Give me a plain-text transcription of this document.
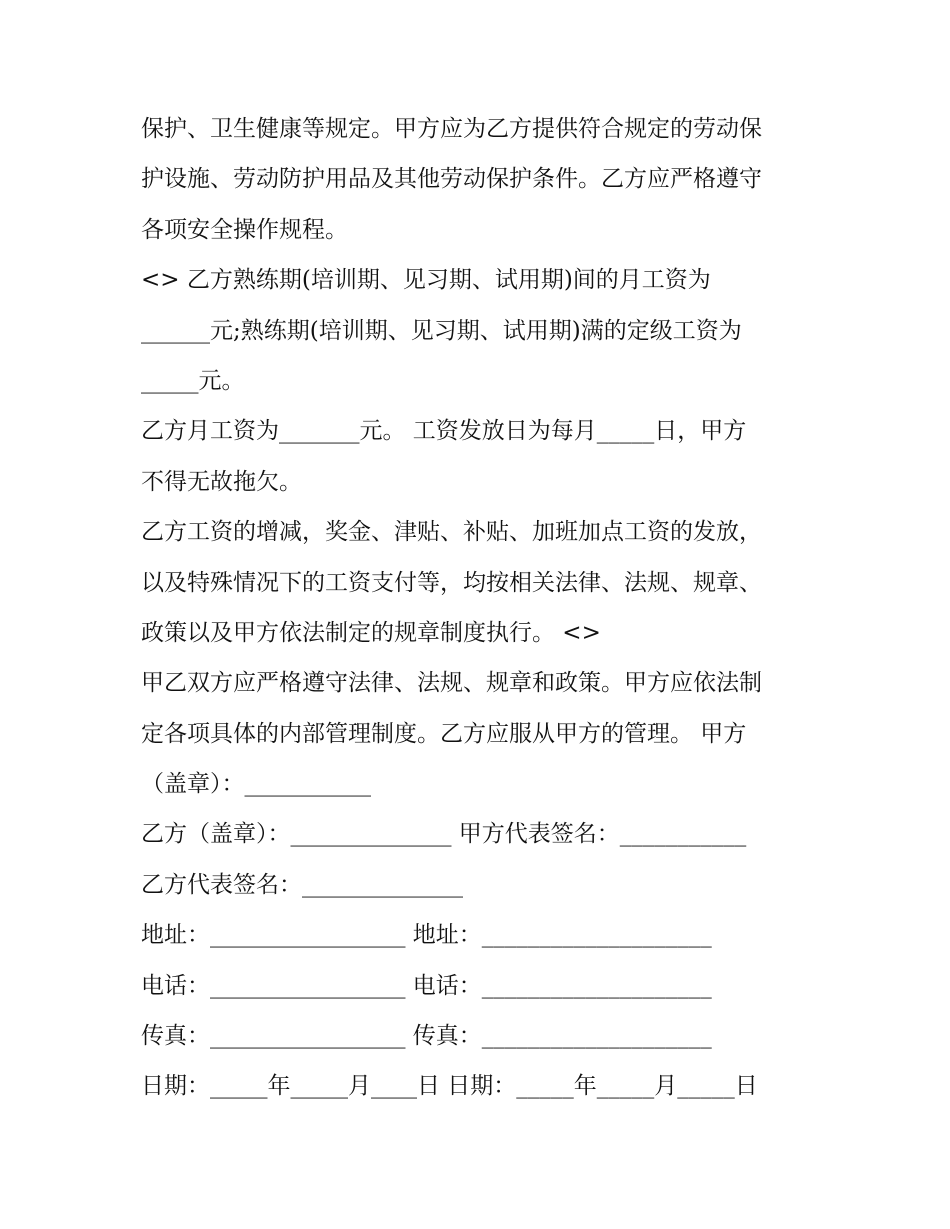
保护、卫生健康等规定。甲方应为乙方提供符合规定的劳动保
护设施、劳动防护用品及其他劳动保护条件。乙方应严格遵守
各项安全操作规程。
<> 乙方熟练期(培训期、见习期、试用期)间的月工资为
______元;熟练期(培训期、见习期、试用期)满的定级工资为
_____元。
乙方月工资为_______元。 工资发放日为每月_____日，甲方
不得无故拖欠。
乙方工资的增减，奖金、津贴、补贴、加班加点工资的发放，
以及特殊情况下的工资支付等，均按相关法律、法规、规章、
政策以及甲方依法制定的规章制度执行。 <>
甲乙双方应严格遵守法律、法规、规章和政策。甲方应依法制
定各项具体的内部管理制度。乙方应服从甲方的管理。 甲方
（盖章）：___________
乙方（盖章）：______________ 甲方代表签名：___________
乙方代表签名：______________
地址：_________________ 地址：____________________
电话：_________________ 电话：____________________
传真：_________________ 传真：____________________
日期：_____年_____月____日 日期：_____年_____月_____日
